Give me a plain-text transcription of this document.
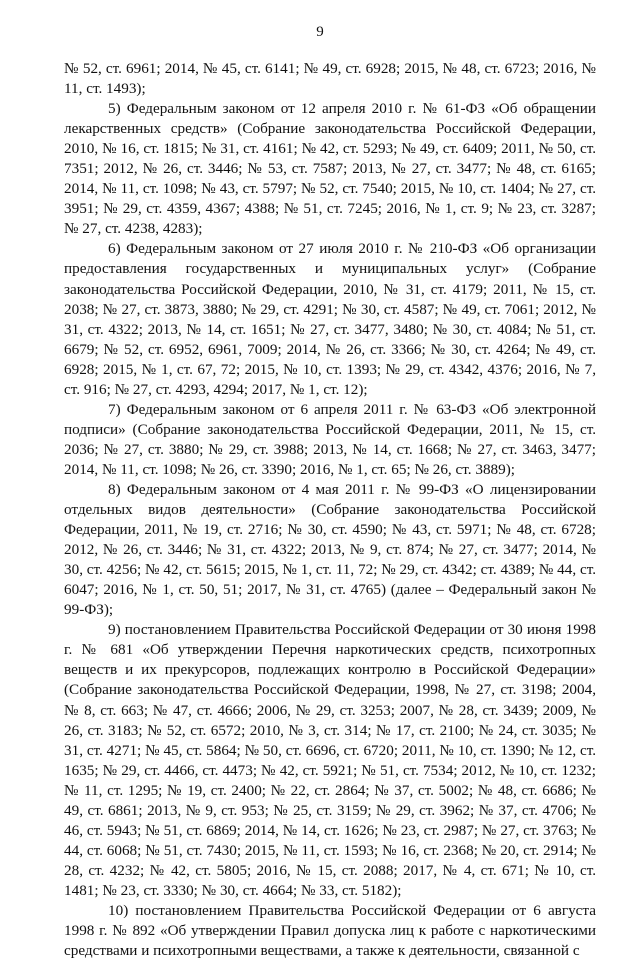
9

№ 52, ст. 6961; 2014, № 45, ст. 6141; № 49, ст. 6928; 2015, № 48, ст. 6723; 2016, № 11, ст. 1493);

5) Федеральным законом от 12 апреля 2010 г. № 61-ФЗ «Об обращении лекарственных средств» (Собрание законодательства Российской Федерации, 2010, № 16, ст. 1815; № 31, ст. 4161; № 42, ст. 5293; № 49, ст. 6409; 2011, № 50, ст. 7351; 2012, № 26, ст. 3446; № 53, ст. 7587; 2013, № 27, ст. 3477; № 48, ст. 6165; 2014, № 11, ст. 1098; № 43, ст. 5797; № 52, ст. 7540; 2015, № 10, ст. 1404; № 27, ст. 3951; № 29, ст. 4359, 4367; 4388; № 51, ст. 7245; 2016, № 1, ст. 9; № 23, ст. 3287; № 27, ст. 4238, 4283);

6) Федеральным законом от 27 июля 2010 г. № 210-ФЗ «Об организации предоставления государственных и муниципальных услуг» (Собрание законодательства Российской Федерации, 2010, № 31, ст. 4179; 2011, № 15, ст. 2038; № 27, ст. 3873, 3880; № 29, ст. 4291; № 30, ст. 4587; № 49, ст. 7061; 2012, № 31, ст. 4322; 2013, № 14, ст. 1651; № 27, ст. 3477, 3480; № 30, ст. 4084; № 51, ст. 6679; № 52, ст. 6952, 6961, 7009; 2014, № 26, ст. 3366; № 30, ст. 4264; № 49, ст. 6928; 2015, № 1, ст. 67, 72; 2015, № 10, ст. 1393; № 29, ст. 4342, 4376; 2016, № 7, ст. 916; № 27, ст. 4293, 4294; 2017, № 1, ст. 12);

7) Федеральным законом от 6 апреля 2011 г. № 63-ФЗ «Об электронной подписи» (Собрание законодательства Российской Федерации, 2011, № 15, ст. 2036; № 27, ст. 3880; № 29, ст. 3988; 2013, № 14, ст. 1668; № 27, ст. 3463, 3477; 2014, № 11, ст. 1098; № 26, ст. 3390; 2016, № 1, ст. 65; № 26, ст. 3889);

8) Федеральным законом от 4 мая 2011 г. № 99-ФЗ «О лицензировании отдельных видов деятельности» (Собрание законодательства Российской Федерации, 2011, № 19, ст. 2716; № 30, ст. 4590; № 43, ст. 5971; № 48, ст. 6728; 2012, № 26, ст. 3446; № 31, ст. 4322; 2013, № 9, ст. 874; № 27, ст. 3477; 2014, № 30, ст. 4256; № 42, ст. 5615; 2015, № 1, ст. 11, 72; № 29, ст. 4342; ст. 4389; № 44, ст. 6047; 2016, № 1, ст. 50, 51; 2017, № 31, ст. 4765) (далее – Федеральный закон № 99-ФЗ);

9) постановлением Правительства Российской Федерации от 30 июня 1998 г. № 681 «Об утверждении Перечня наркотических средств, психотропных веществ и их прекурсоров, подлежащих контролю в Российской Федерации» (Собрание законодательства Российской Федерации, 1998, № 27, ст. 3198; 2004, № 8, ст. 663; № 47, ст. 4666; 2006, № 29, ст. 3253; 2007, № 28, ст. 3439; 2009, № 26, ст. 3183; № 52, ст. 6572; 2010, № 3, ст. 314; № 17, ст. 2100; № 24, ст. 3035; № 31, ст. 4271; № 45, ст. 5864; № 50, ст. 6696, ст. 6720; 2011, № 10, ст. 1390; № 12, ст. 1635; № 29, ст. 4466, ст. 4473; № 42, ст. 5921; № 51, ст. 7534; 2012, № 10, ст. 1232; № 11, ст. 1295; № 19, ст. 2400; № 22, ст. 2864; № 37, ст. 5002; № 48, ст. 6686; № 49, ст. 6861; 2013, № 9, ст. 953; № 25, ст. 3159; № 29, ст. 3962; № 37, ст. 4706; № 46, ст. 5943; № 51, ст. 6869; 2014, № 14, ст. 1626; № 23, ст. 2987; № 27, ст. 3763; № 44, ст. 6068; № 51, ст. 7430; 2015, № 11, ст. 1593; № 16, ст. 2368; № 20, ст. 2914; № 28, ст. 4232; № 42, ст. 5805; 2016, № 15, ст. 2088; 2017, № 4, ст. 671; № 10, ст. 1481; № 23, ст. 3330; № 30, ст. 4664; № 33, ст. 5182);

10) постановлением Правительства Российской Федерации от 6 августа 1998 г. № 892 «Об утверждении Правил допуска лиц к работе с наркотическими средствами и психотропными веществами, а также к деятельности, связанной с
